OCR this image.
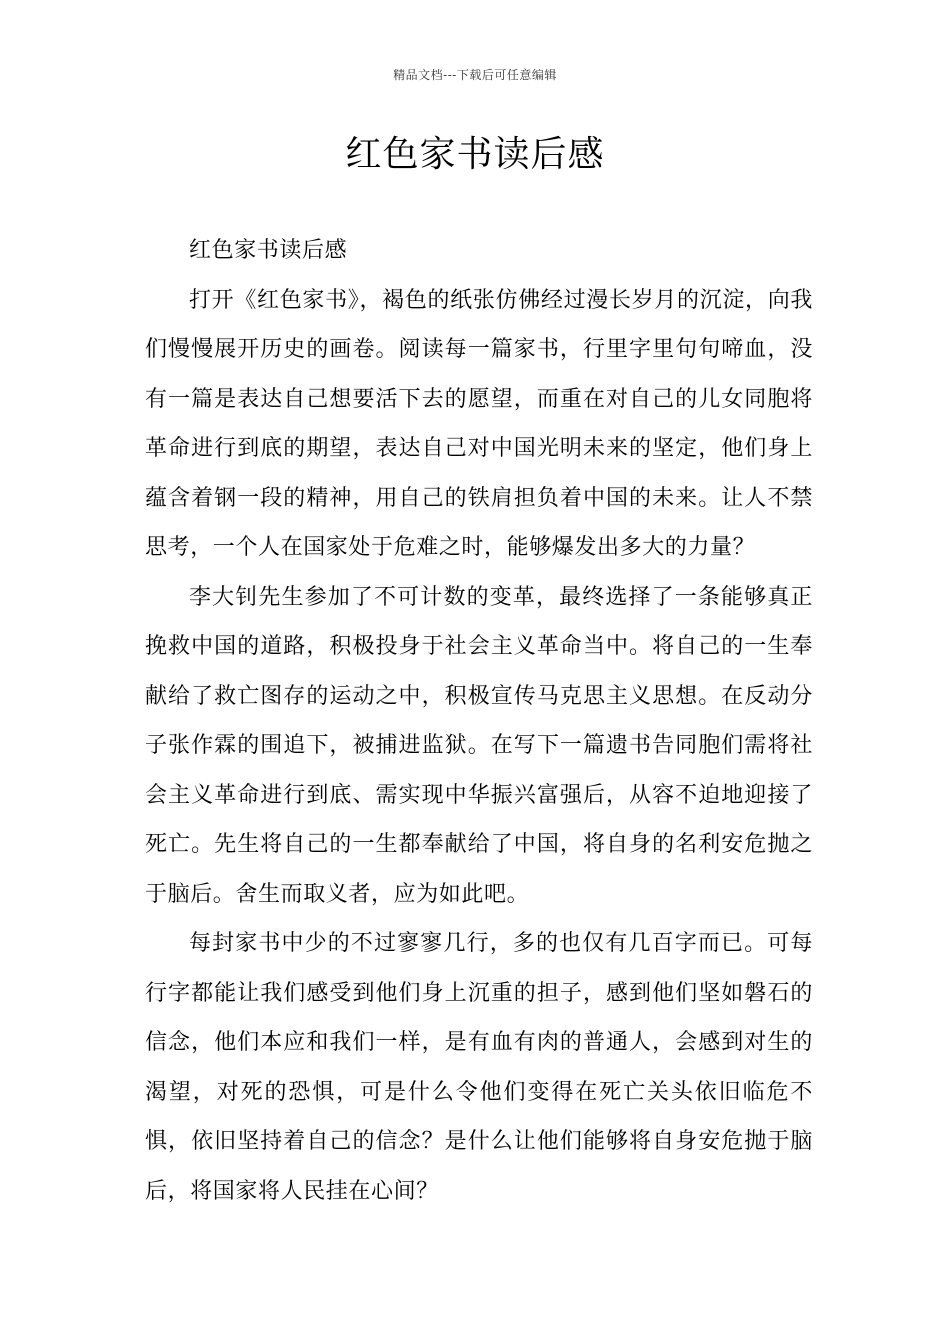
精品文档---下载后可任意编辑
红色家书读后感

红色家书读后感

打开《红色家书》，褐色的纸张仿佛经过漫长岁月的沉淀，向我们慢慢展开历史的画卷。阅读每一篇家书，行里字里句句啼血，没有一篇是表达自己想要活下去的愿望，而重在对自己的儿女同胞将革命进行到底的期望，表达自己对中国光明未来的坚定，他们身上蕴含着钢一段的精神，用自己的铁肩担负着中国的未来。让人不禁思考，一个人在国家处于危难之时，能够爆发出多大的力量？

李大钊先生参加了不可计数的变革，最终选择了一条能够真正挽救中国的道路，积极投身于社会主义革命当中。将自己的一生奉献给了救亡图存的运动之中，积极宣传马克思主义思想。在反动分子张作霖的围追下，被捕进监狱。在写下一篇遗书告同胞们需将社会主义革命进行到底、需实现中华振兴富强后，从容不迫地迎接了死亡。先生将自己的一生都奉献给了中国，将自身的名利安危抛之于脑后。舍生而取义者，应为如此吧。

每封家书中少的不过寥寥几行，多的也仅有几百字而已。可每行字都能让我们感受到他们身上沉重的担子，感到他们坚如磐石的信念，他们本应和我们一样，是有血有肉的普通人，会感到对生的渴望，对死的恐惧，可是什么令他们变得在死亡关头依旧临危不惧，依旧坚持着自己的信念？是什么让他们能够将自身安危抛于脑后，将国家将人民挂在心间？
